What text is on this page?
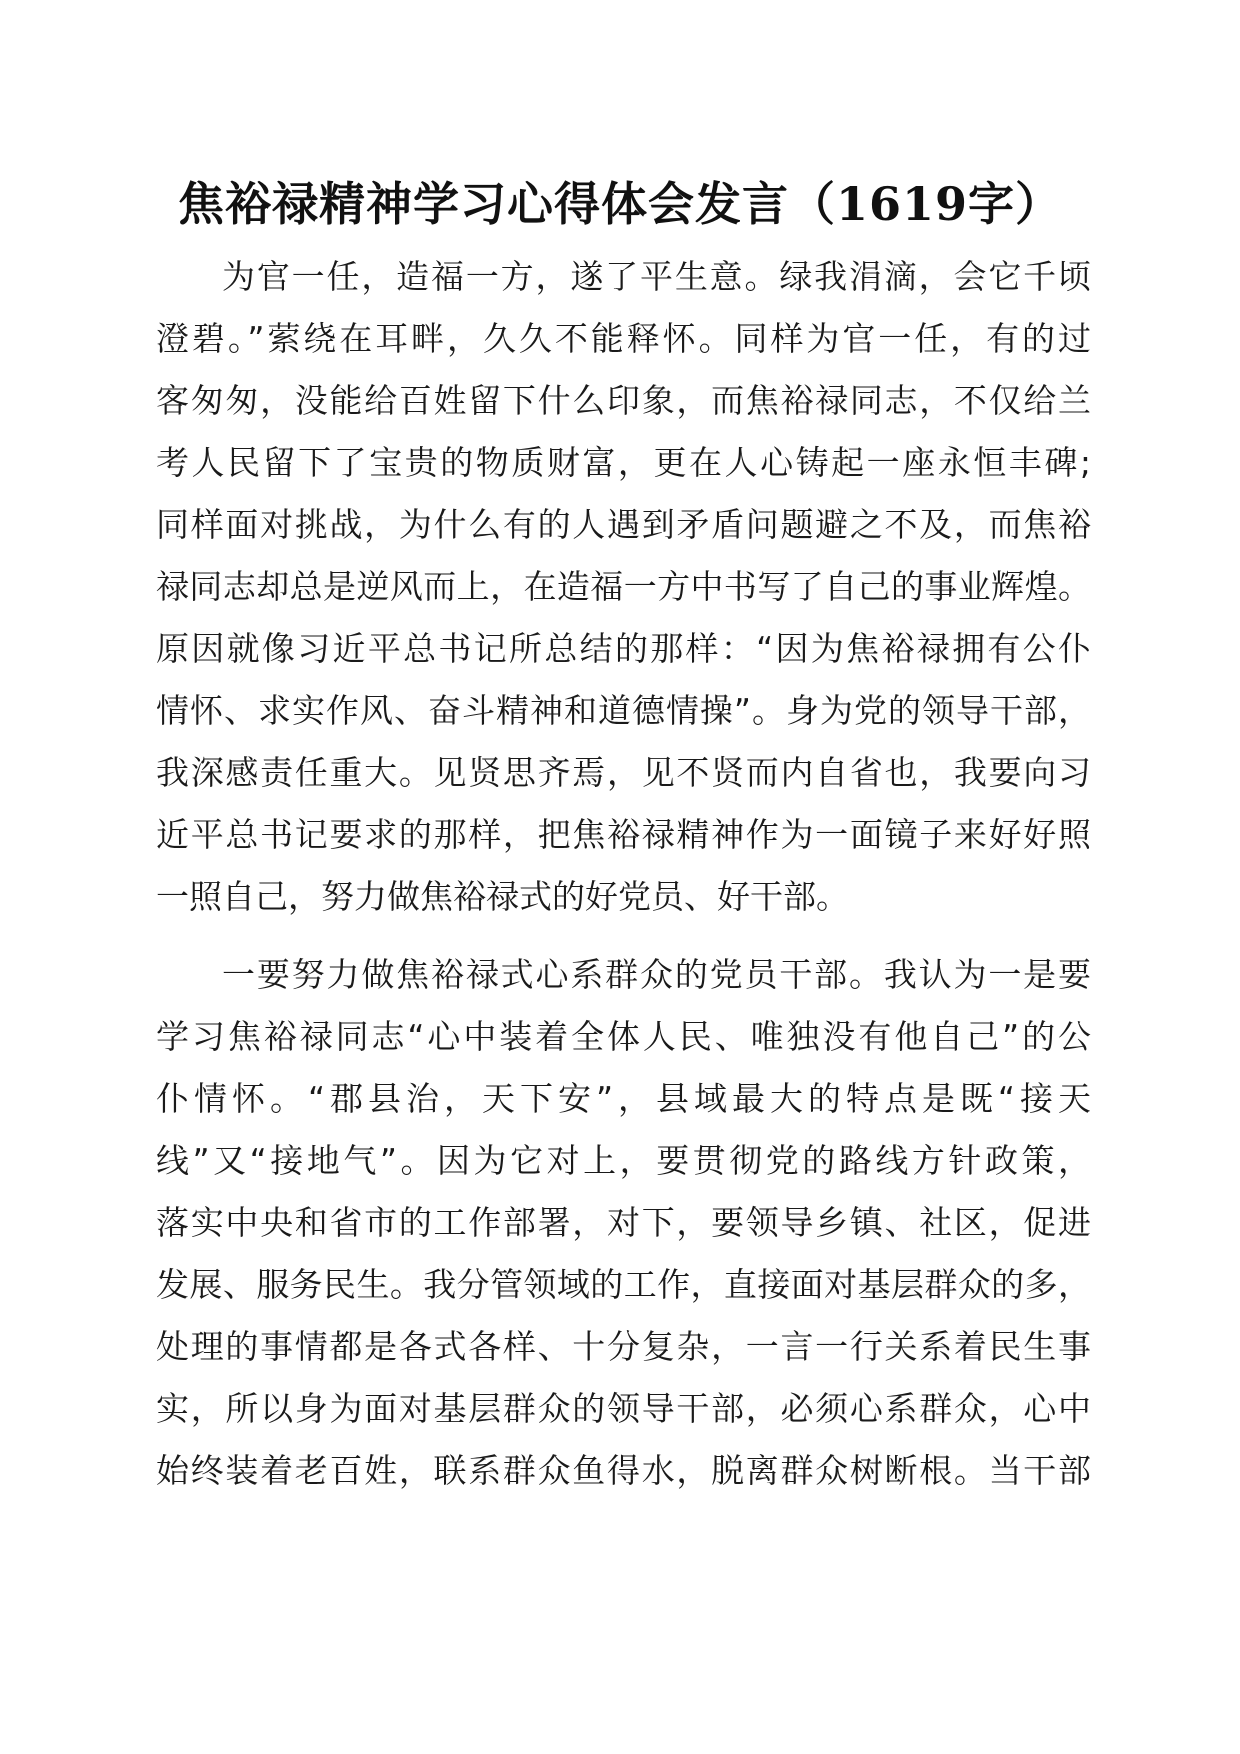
焦裕禄精神学习心得体会发言（1619字）
为官一任，造福一方，遂了平生意。绿我涓滴，会它千顷
澄碧。”萦绕在耳畔，久久不能释怀。同样为官一任，有的过
客匆匆，没能给百姓留下什么印象，而焦裕禄同志，不仅给兰
考人民留下了宝贵的物质财富，更在人心铸起一座永恒丰碑;
同样面对挑战，为什么有的人遇到矛盾问题避之不及，而焦裕
禄同志却总是逆风而上，在造福一方中书写了自己的事业辉煌。
原因就像习近平总书记所总结的那样：“因为焦裕禄拥有公仆
情怀、求实作风、奋斗精神和道德情操”。身为党的领导干部，
我深感责任重大。见贤思齐焉，见不贤而内自省也，我要向习
近平总书记要求的那样，把焦裕禄精神作为一面镜子来好好照
一照自己，努力做焦裕禄式的好党员、好干部。
一要努力做焦裕禄式心系群众的党员干部。我认为一是要
学习焦裕禄同志“心中装着全体人民、唯独没有他自己”的公
仆情怀。“郡县治，天下安”，县域最大的特点是既“接天
线”又“接地气”。因为它对上，要贯彻党的路线方针政策，
落实中央和省市的工作部署，对下，要领导乡镇、社区，促进
发展、服务民生。我分管领域的工作，直接面对基层群众的多，
处理的事情都是各式各样、十分复杂，一言一行关系着民生事
实，所以身为面对基层群众的领导干部，必须心系群众，心中
始终装着老百姓，联系群众鱼得水，脱离群众树断根。当干部
